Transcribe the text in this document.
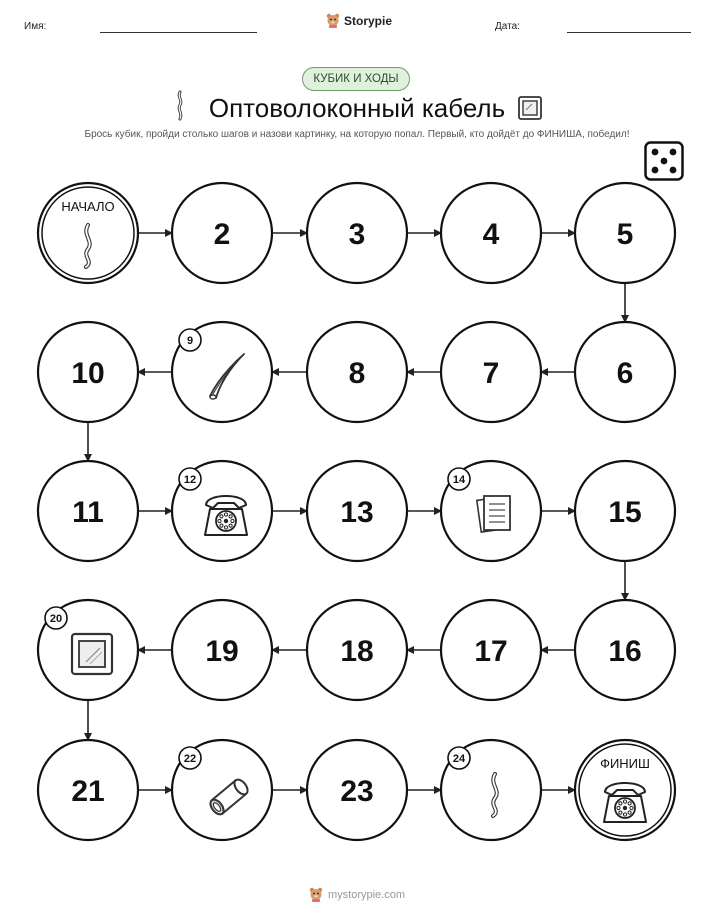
Имя:	Storypie	Дата:
КУБИК И ХОДЫ
Оптоволоконный кабель
Брось кубик, пройди столько шагов и назови картинку, на которую попал. Первый, кто дойдёт до ФИНИША, победил!
НАЧАЛО
2	3	4	5
10
9
8	7	6
11
12
13
14
15
20
19	18	17	16
21
22
23
24	ФИНИШ
mystorypie.com
